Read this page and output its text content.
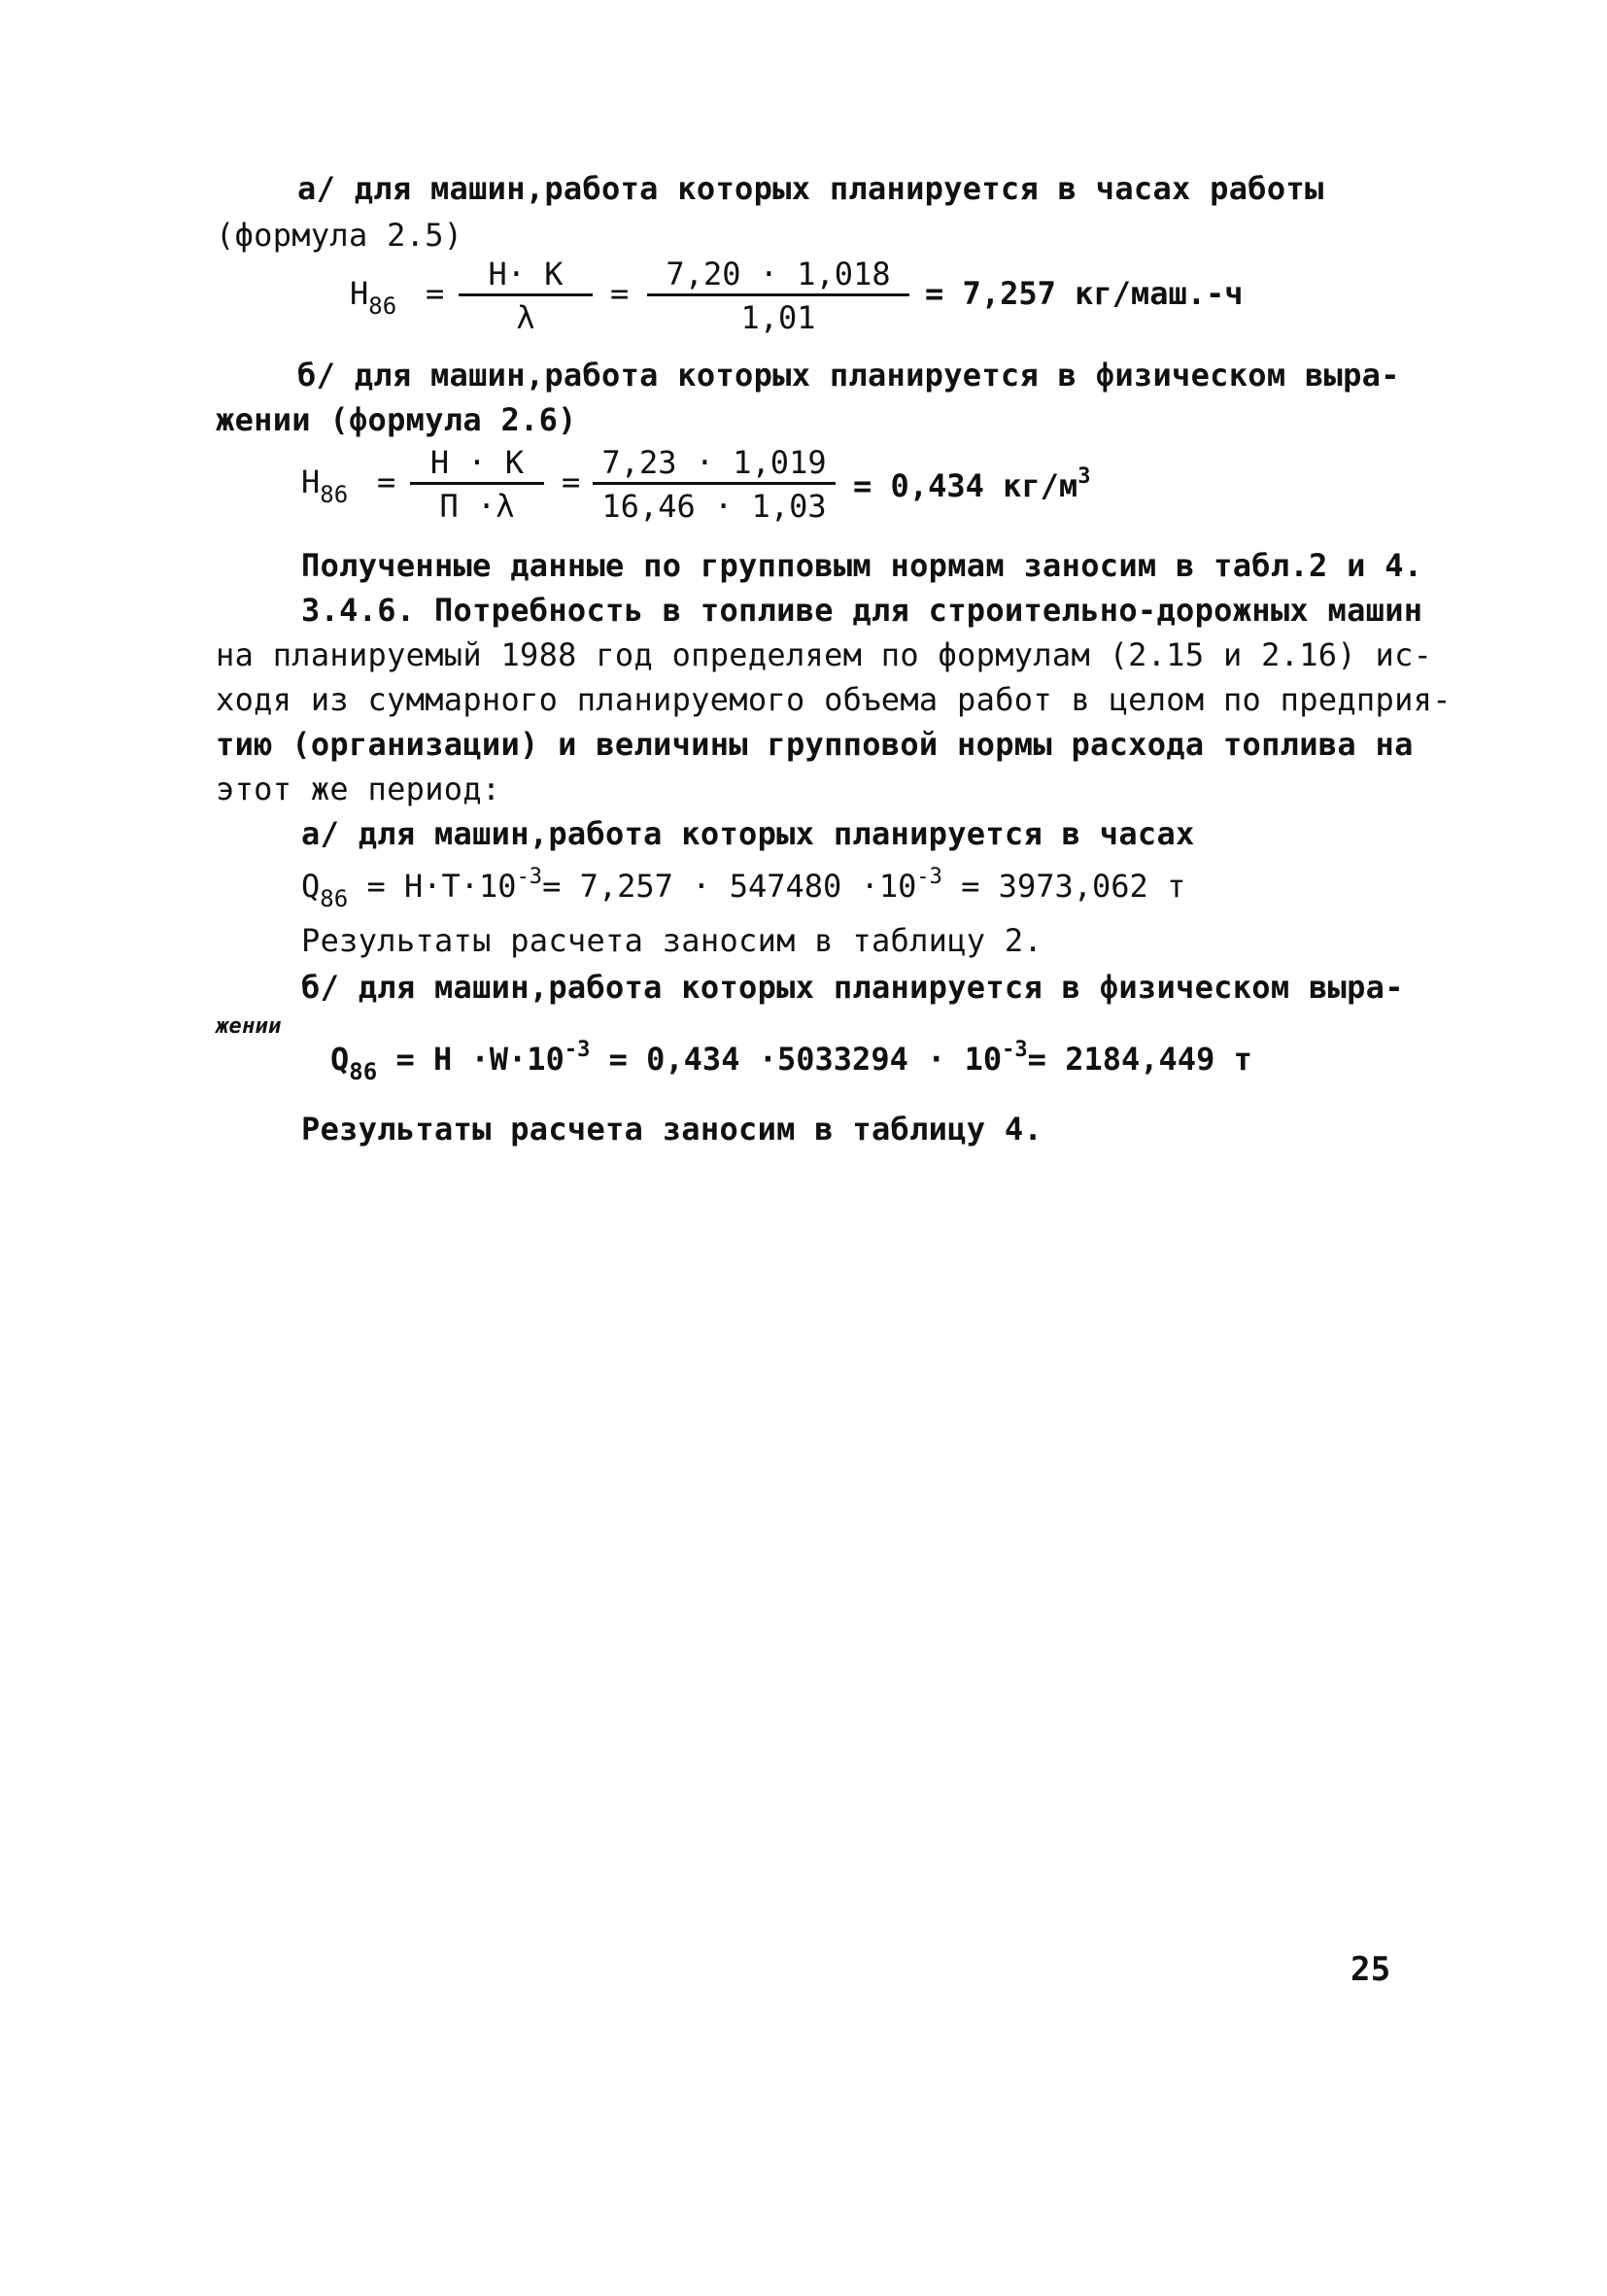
а/ для машин,работа которых планируется в часах работы
(формула 2.5)
$Н_{86}$ =
Н· К
λ
= $\frac{7,20 \cdot 1,018}{1,01} = 7,257$ кг/маш.-ч
б/ для машин,работа которых планируется в физическом выра-
жении (формула 2.6)
$Н_{86}$ =
Н · К
П ·λ
= $\frac{7,23 \cdot 1,019}{16,46 \cdot 1,03} = 0,434$ $кг/м^3$
Полученные данные по групповым нормам заносим в табл.2 и 4.
3.4.6. Потребность в топливе для строительно-дорожных машин
на планируемый 1988 год определяем по формулам (2.15 и 2.16) ис-
ходя из суммарного планируемого объема работ в целом по предприя-
тию (организации) и величины групповой нормы расхода топлива на
этот же период:
а/ для машин,работа которых планируется в часах
$Q_{86} = Н\cdot Т\cdot 10^{-3}= 7,257 \cdot 547480 \cdot 10^{-3} = 3973,062$ т
Результаты расчета заносим в таблицу 2.
б/ для машин,работа которых планируется в физическом выра-
жении
$Q_{86} = Н \cdot W\cdot 10^{-3} = 0,434 \cdot 5033294 \cdot 10^{-3}= 2184,449$ т
Результаты расчета заносим в таблицу 4.
25
